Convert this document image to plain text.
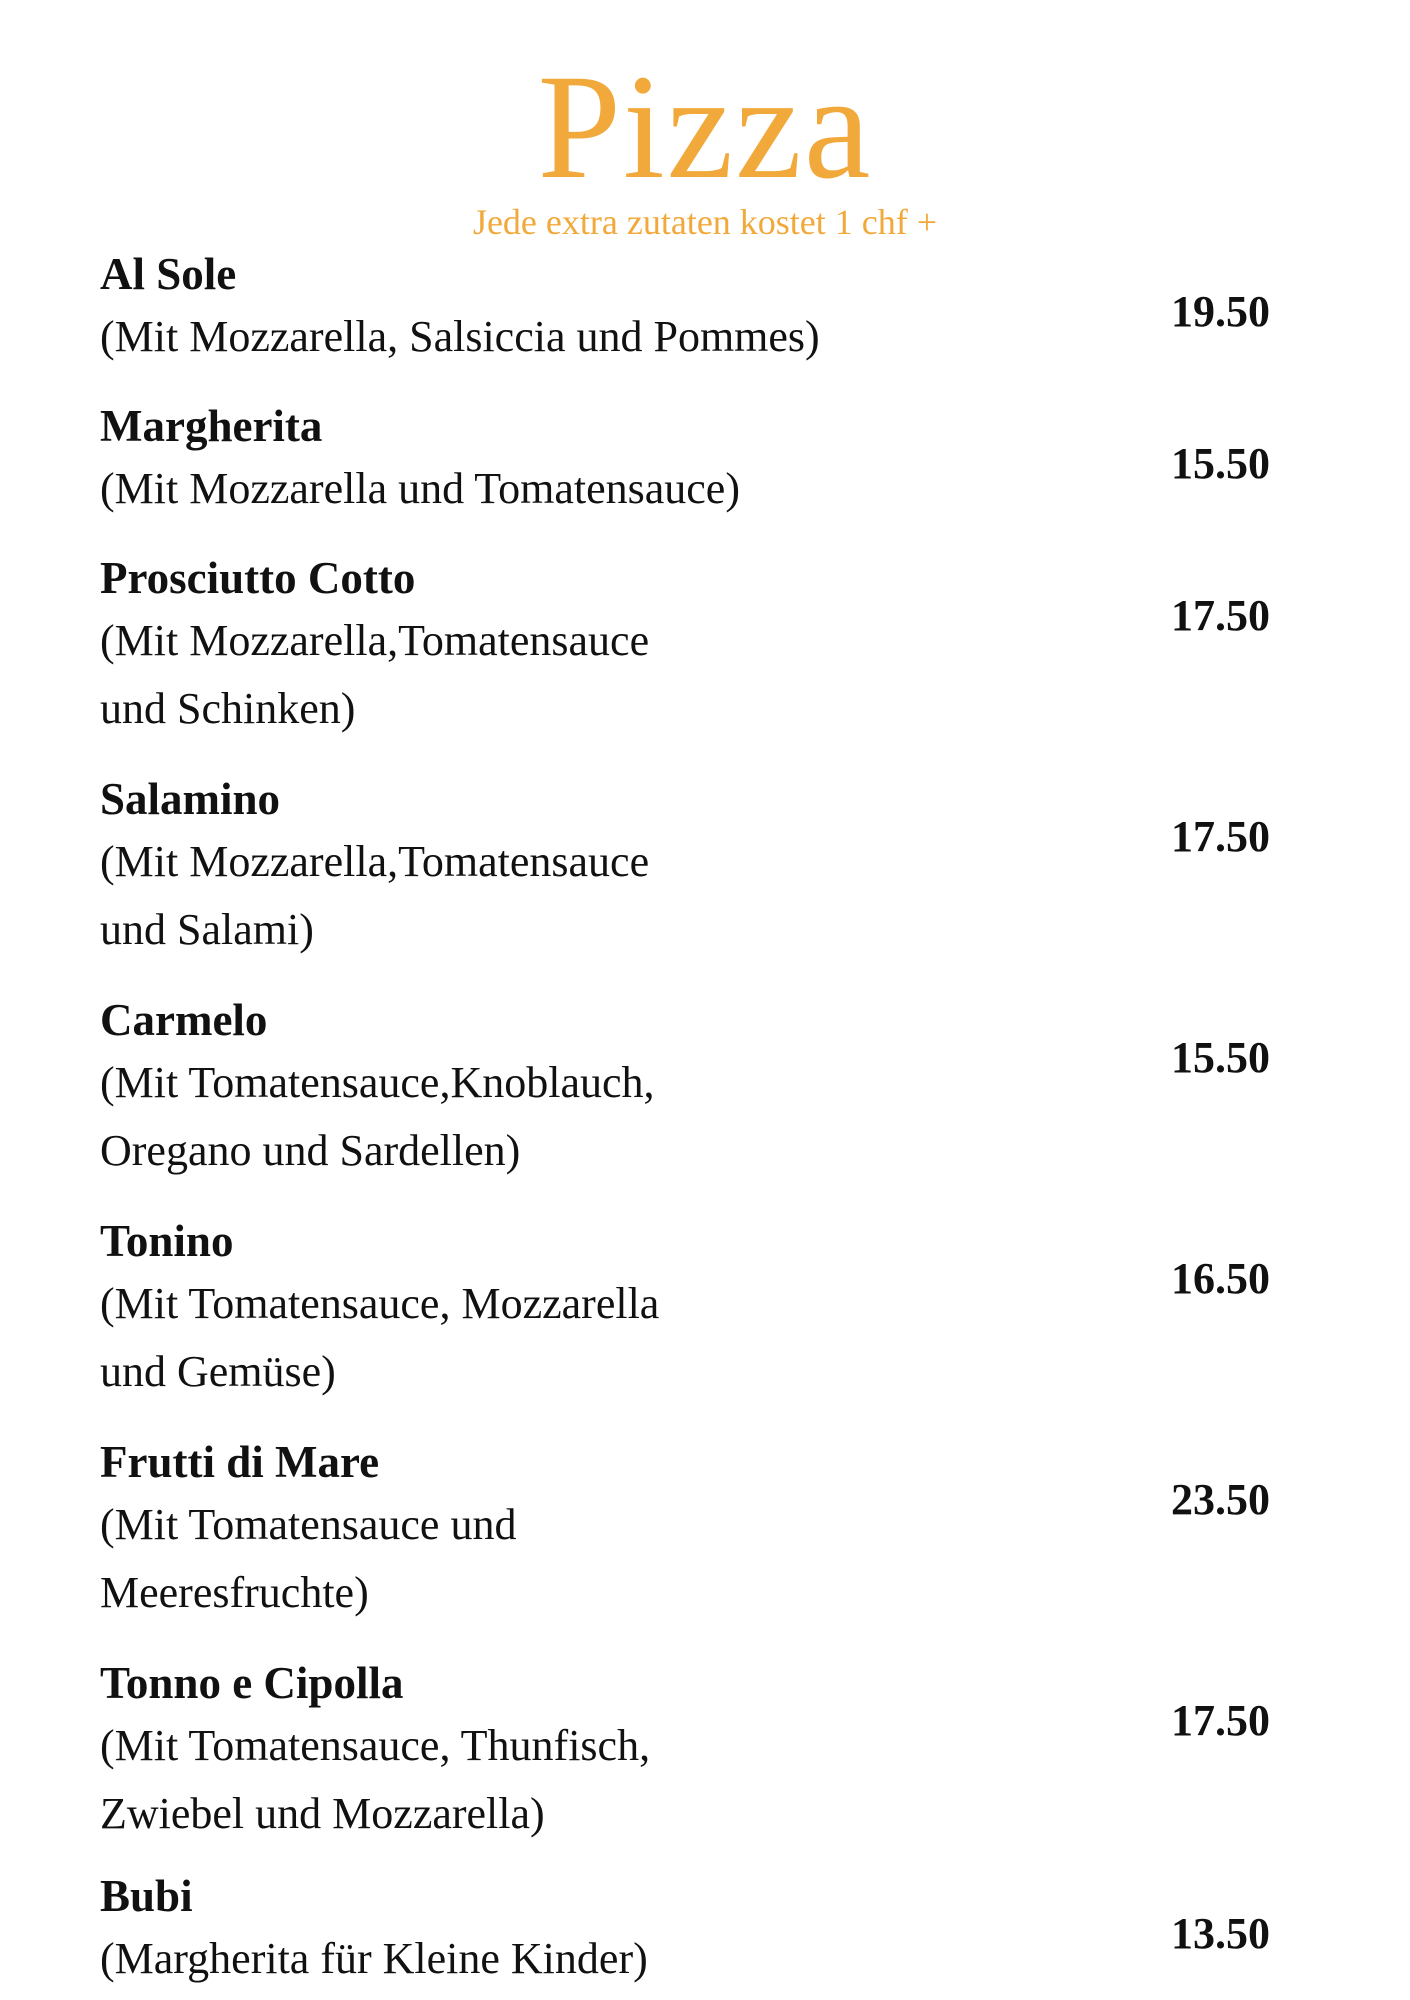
Pizza
Jede extra zutaten kostet 1 chf +

Al Sole

(Mit Mozzarella, Salsiccia und Pommes)

19.50

Margherita

(Mit Mozzarella und Tomatensauce)

15.50

Prosciutto Cotto

(Mit Mozzarella,Tomatensauce
und Schinken)

17.50

Salamino

(Mit Mozzarella,Tomatensauce
und Salami)

17.50

Carmelo

(Mit Tomatensauce,Knoblauch,
Oregano und Sardellen)

15.50

Tonino

(Mit Tomatensauce, Mozzarella
und Gemüse)

16.50

Frutti di Mare

(Mit Tomatensauce und
Meeresfruchte)

23.50

Tonno e Cipolla

(Mit Tomatensauce, Thunfisch,
Zwiebel und Mozzarella)

17.50

Bubi

(Margherita für Kleine Kinder)

13.50
